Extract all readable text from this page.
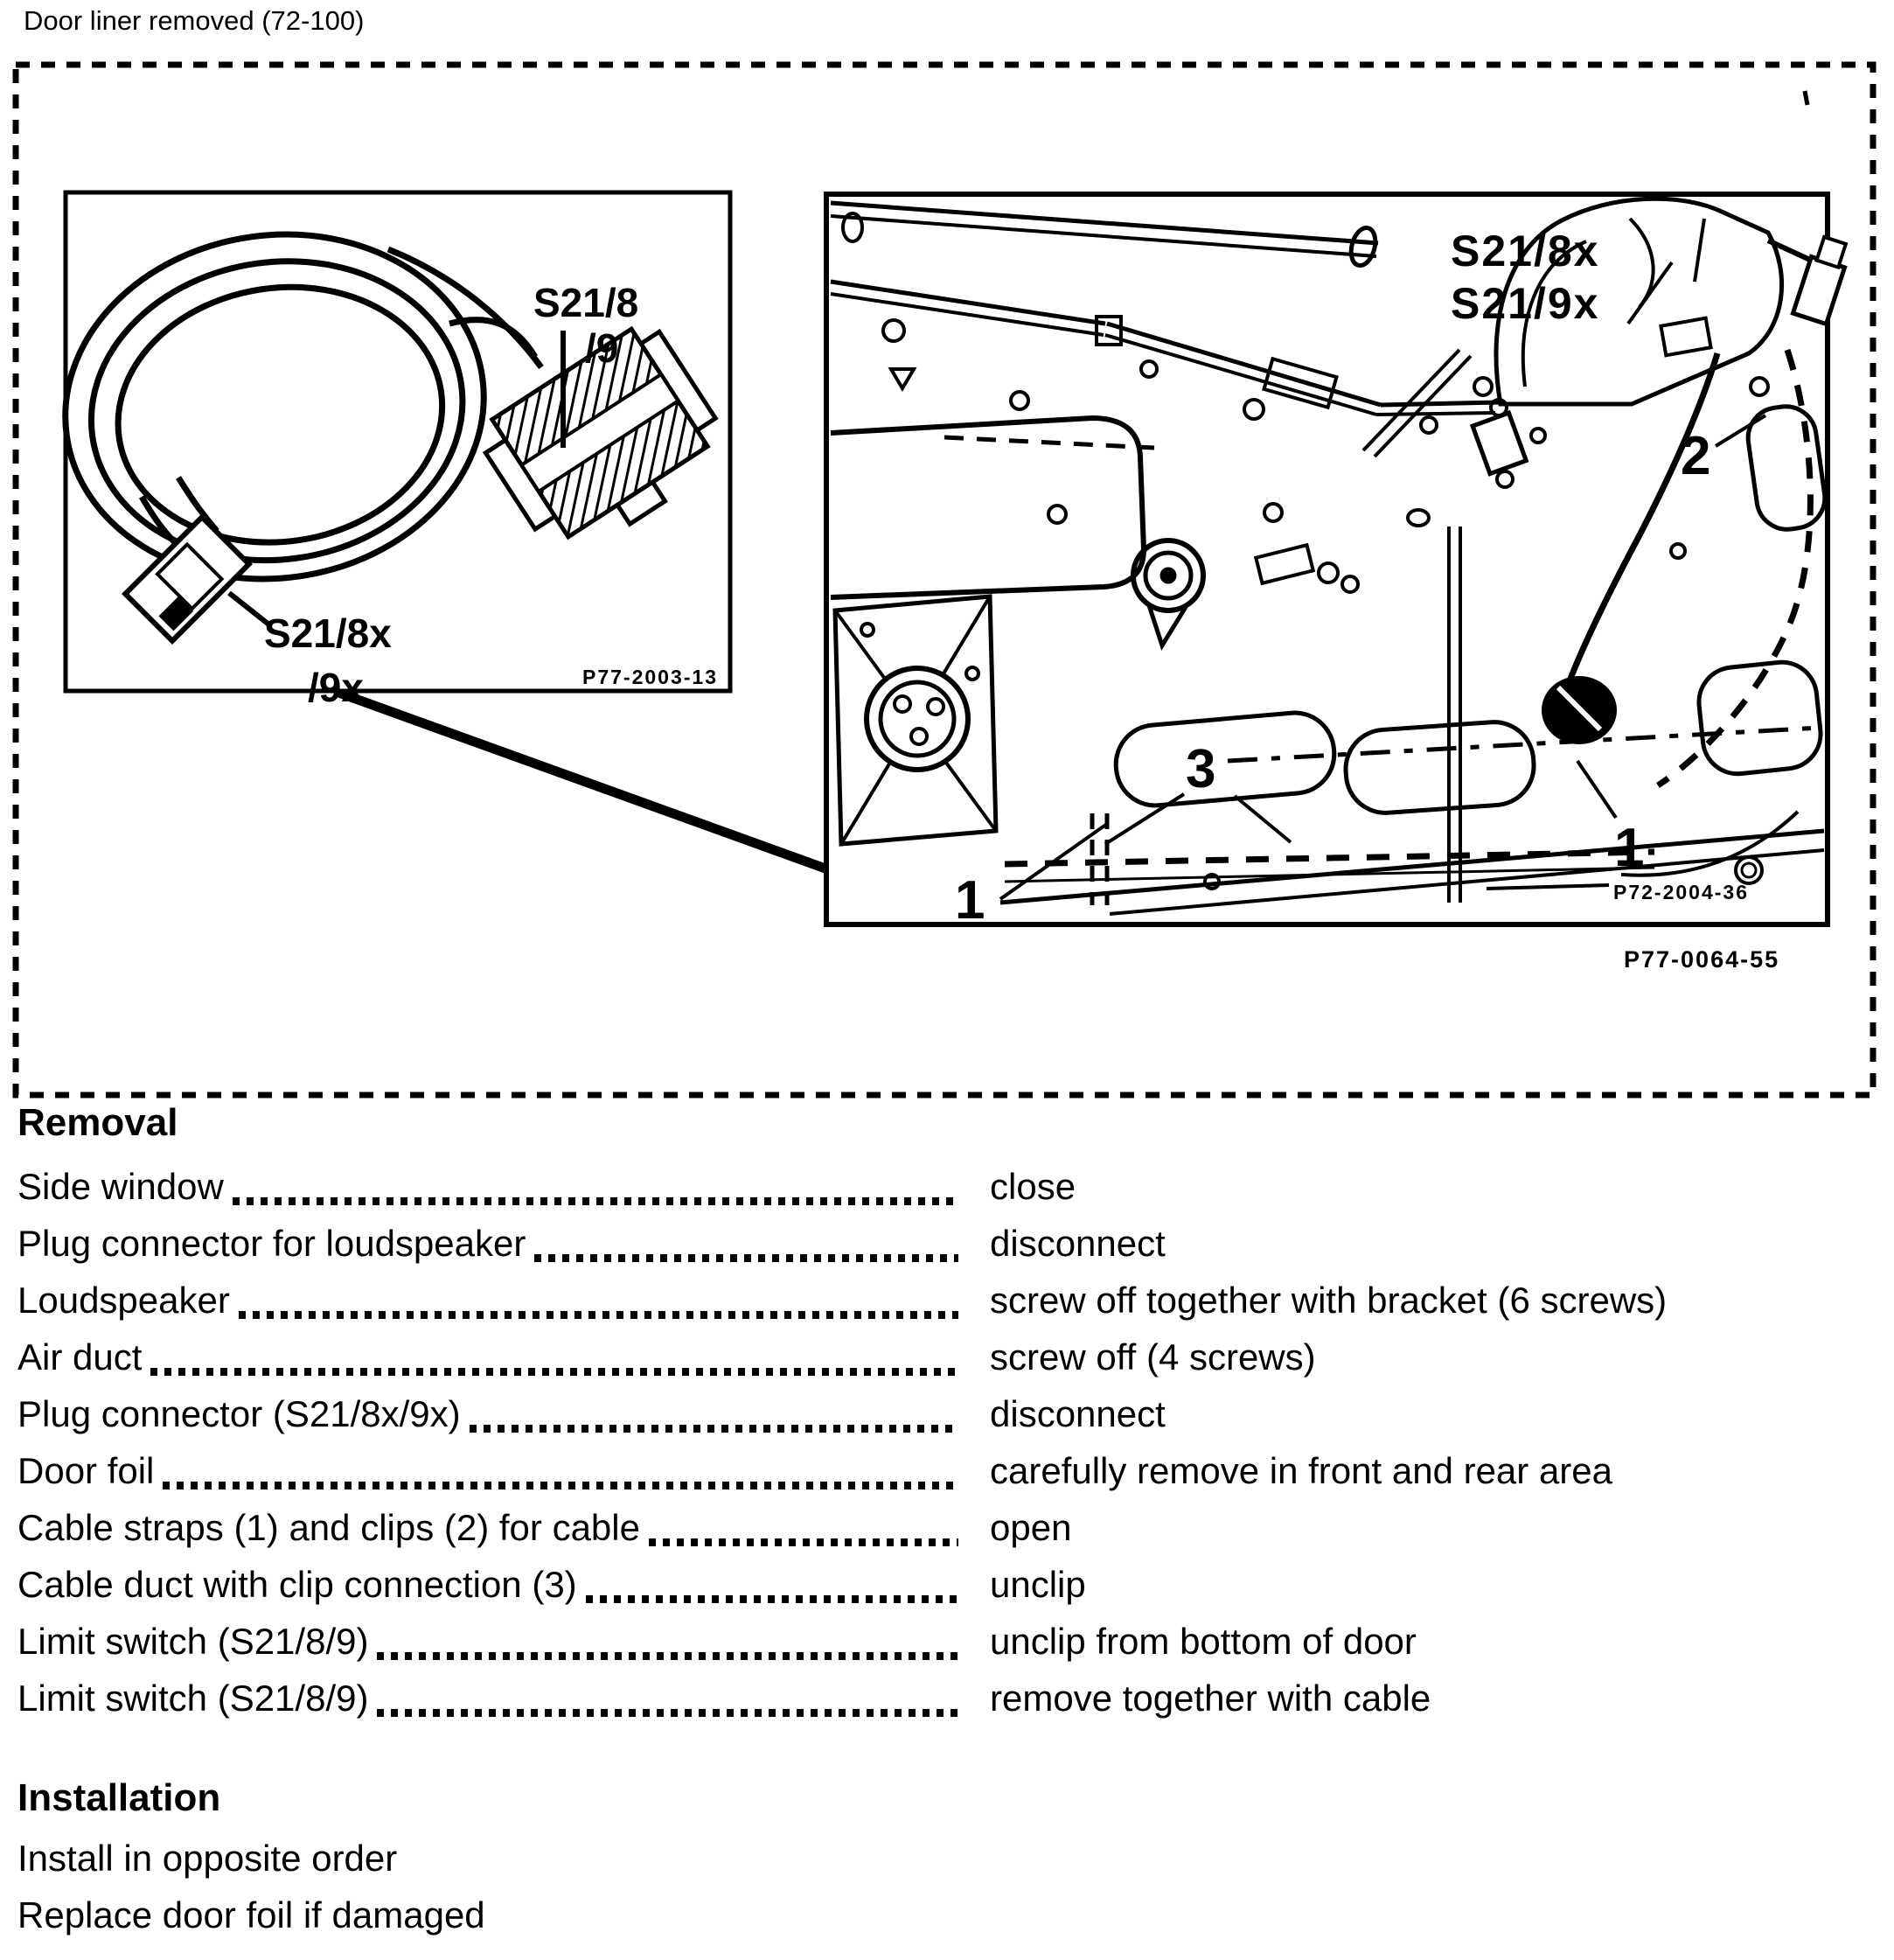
Door liner removed (72-100)
S21/8
/9
S21/8x
/9x	P77-2003-13
S21/8x
S21/9x
2
3
1
1
P72-2004-36
P77-0064-55
Removal
Side window	close
Plug connector for loudspeaker	disconnect
Loudspeaker	screw off together with bracket (6 screws)
Air duct	screw off (4 screws)
Plug connector (S21/8x/9x)	disconnect
Door foil	carefully remove in front and rear area
Cable straps (1) and clips (2) for cable	open
Cable duct with clip connection (3)	unclip
Limit switch (S21/8/9)	unclip from bottom of door
Limit switch (S21/8/9)	remove together with cable
Installation
Install in opposite order
Replace door foil if damaged
